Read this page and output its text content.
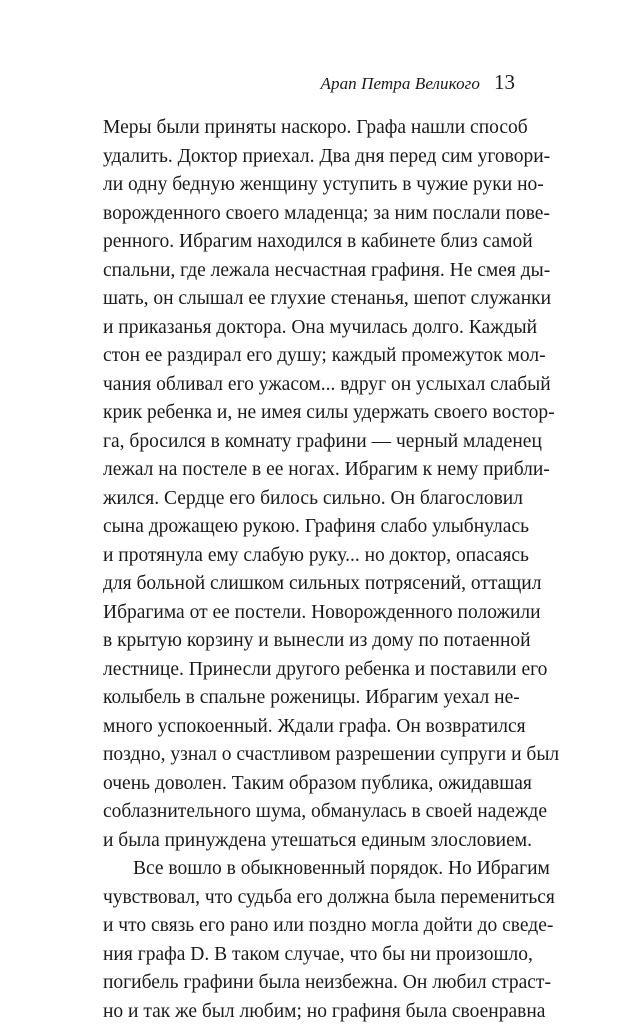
Арап Петра Великого 13
Меры были приняты наскоро. Графа нашли способ
удалить. Доктор приехал. Два дня перед сим уговори-
ли одну бедную женщину уступить в чужие руки но-
ворожденного своего младенца; за ним послали пове-
ренного. Ибрагим находился в кабинете близ самой
спальни, где лежала несчастная графиня. Не смея ды-
шать, он слышал ее глухие стенанья, шепот служанки
и приказанья доктора. Она мучилась долго. Каждый
стон ее раздирал его душу; каждый промежуток мол-
чания обливал его ужасом... вдруг он услыхал слабый
крик ребенка и, не имея силы удержать своего востор-
га, бросился в комнату графини — черный младенец
лежал на постеле в ее ногах. Ибрагим к нему прибли-
жился. Сердце его билось сильно. Он благословил
сына дрожащею рукою. Графиня слабо улыбнулась
и протянула ему слабую руку... но доктор, опасаясь
для больной слишком сильных потрясений, оттащил
Ибрагима от ее постели. Новорожденного положили
в крытую корзину и вынесли из дому по потаенной
лестнице. Принесли другого ребенка и поставили его
колыбель в спальне роженицы. Ибрагим уехал не-
много успокоенный. Ждали графа. Он возвратился
поздно, узнал о счастливом разрешении супруги и был
очень доволен. Таким образом публика, ожидавшая
соблазнительного шума, обманулась в своей надежде
и была принуждена утешаться единым злословием.
Все вошло в обыкновенный порядок. Но Ибрагим
чувствовал, что судьба его должна была перемениться
и что связь его рано или поздно могла дойти до сведе-
ния графа D. В таком случае, что бы ни произошло,
погибель графини была неизбежна. Он любил страст-
но и так же был любим; но графиня была своенравна
